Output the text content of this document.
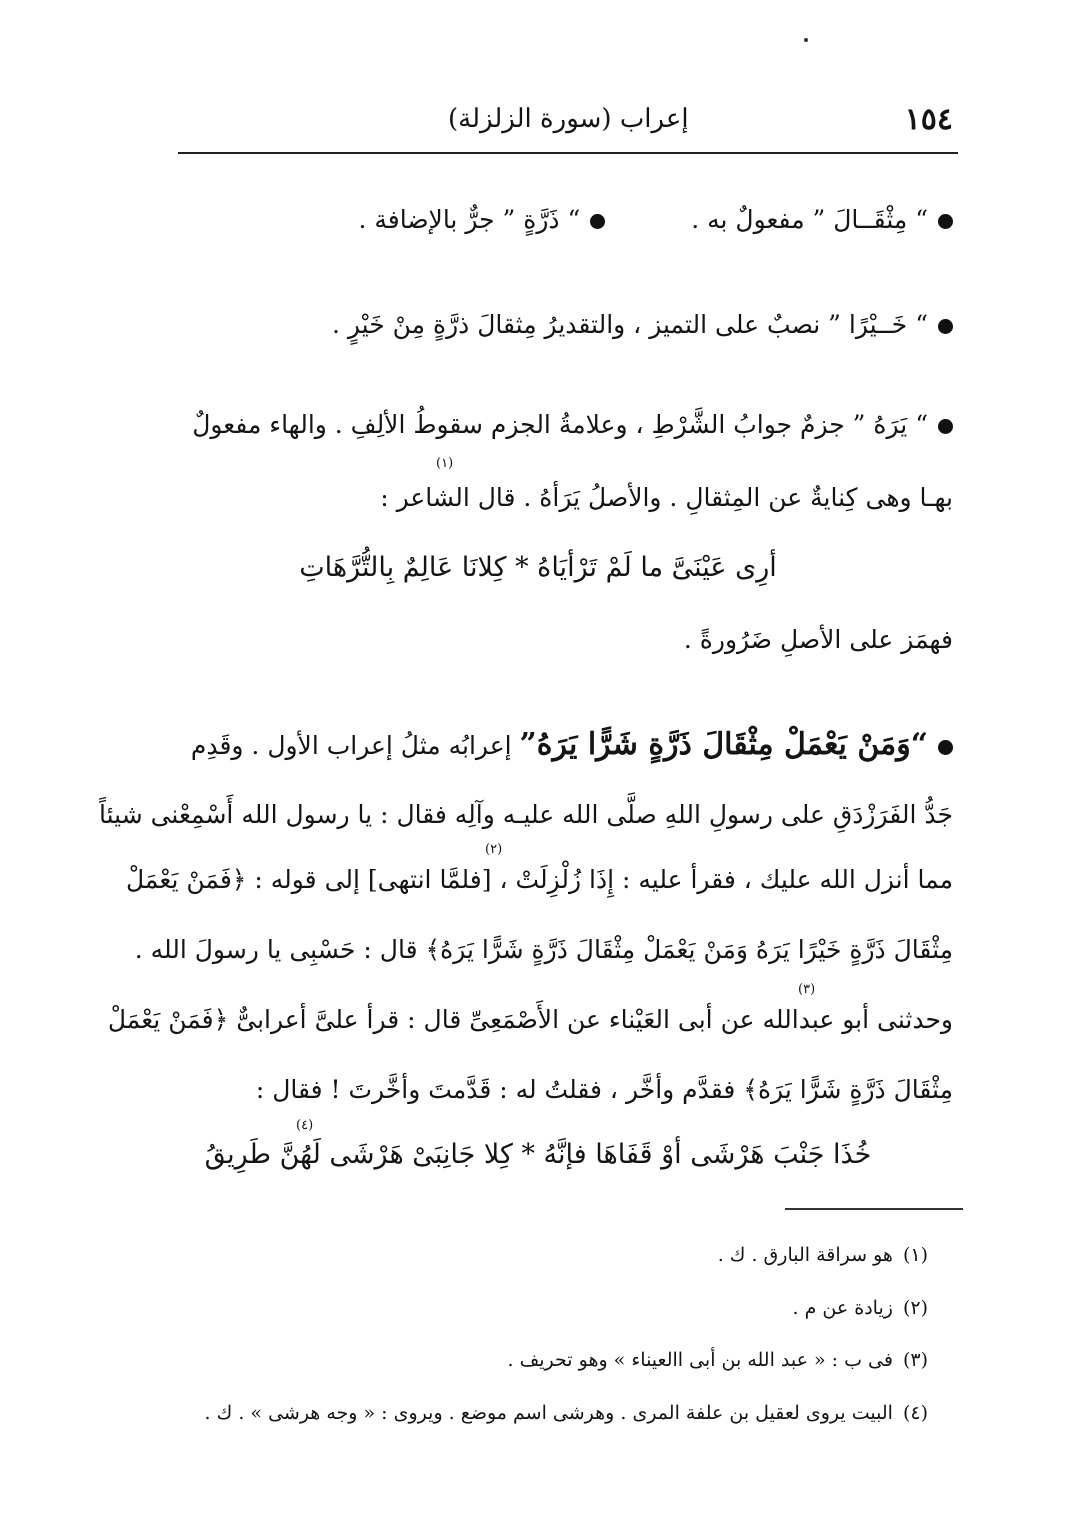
١٥٤
إعراب (سورة الزلزلة)
“ مِثْقَــالَ ” مفعولٌ به .  “ ذَرَّةٍ ” جرٌّ بالإضافة .
“ خَــيْرًا ” نصبٌ على التميز ، والتقديرُ مِثقالَ ذرَّةٍ مِنْ خَيْرٍ .
“ يَرَهُ ” جزمٌ جوابُ الشَّرْطِ ، وعلامةُ الجزم سقوطُ الألِفِ . والهاء مفعولٌ
بهـا وهى كِنايةٌ عن المِثقالِ . والأصلُ يَرَأهُ . قال الشاعر :
(١)
أرِى عَيْنَىَّ ما لَمْ تَرْأيَاهُ * كِلانَا عَالِمٌ بِالتُّرَّهَاتِ
فهمَز على الأصلِ ضَرُورةً .
“وَمَنْ يَعْمَلْ مِثْقَالَ ذَرَّةٍ شَرًّا يَرَهُ” إعرابُه مثلُ إعراب الأول . وقَدِم
جَدُّ الفَرَزْدَقِ على رسولِ اللهِ صلَّى الله عليـه وآلِه فقال : يا رسول الله أَسْمِعْنى شيئاً
مما أنزل الله عليك ، فقرأ عليه : إِذَا زُلْزِلَتْ ، [فلمَّا انتهى] إلى قوله : ﴿فَمَنْ يَعْمَلْ
(٢)
مِثْقَالَ ذَرَّةٍ خَيْرًا يَرَهُ وَمَنْ يَعْمَلْ مِثْقَالَ ذَرَّةٍ شَرًّا يَرَهُ﴾ قال : حَسْبِى يا رسولَ الله .
وحدثنى أبو عبدالله عن أبى العَيْناء عن الأَصْمَعِىِّ قال : قرأ علىَّ أعرابىٌّ ﴿فَمَنْ يَعْمَلْ
(٣)
مِثْقَالَ ذَرَّةٍ شَرًّا يَرَهُ﴾ فقدَّم وأخَّر ، فقلتُ له : قَدَّمتَ وأخَّرتَ ! فقال :
خُذَا جَنْبَ هَرْشَى أوْ قَفَاهَا فإنَّهُ * كِلا جَانِبَىْ هَرْشَى لَهُنَّ طَرِيقُ
(٤)
(١)هو سراقة البارق . ك .
(٢)زيادة عن م .
(٣)فى ب : « عبد الله بن أبى االعيناء » وهو تحريف .
(٤)البيت يروى لعقيل بن علفة المرى . وهرشى اسم موضع . ويروى : « وجه هرشى » . ك .
